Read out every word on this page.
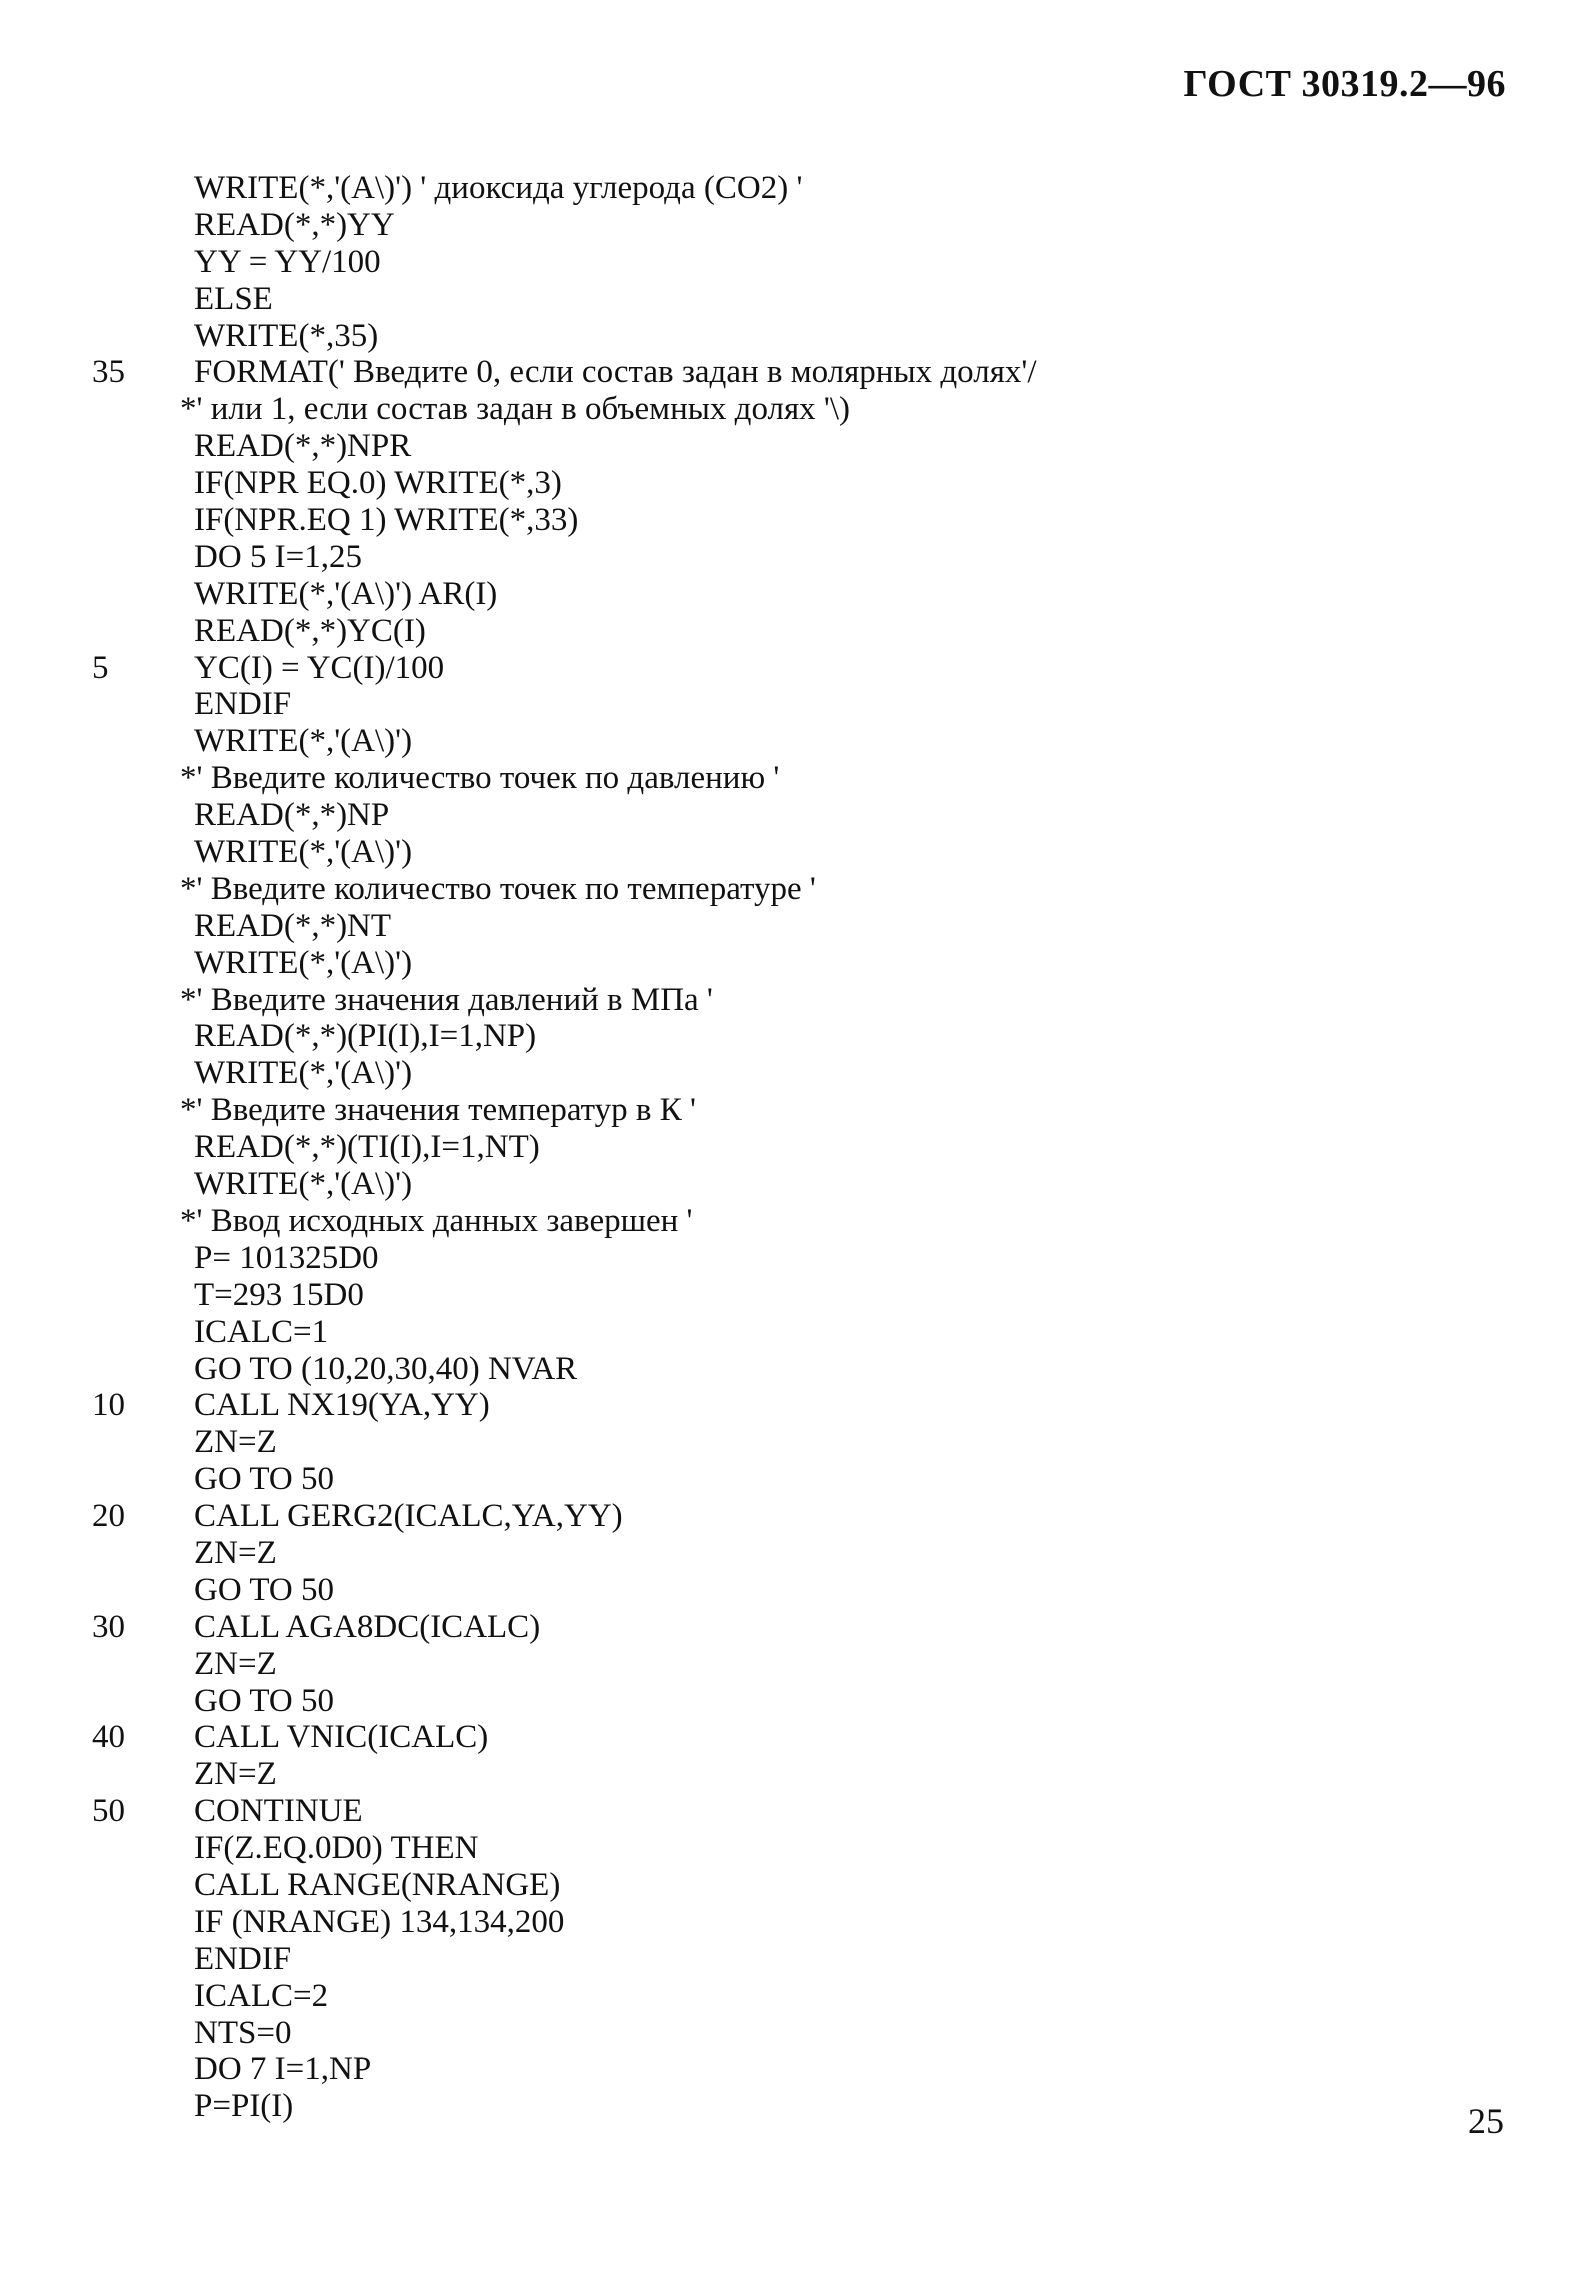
ГОСТ 30319.2—96
WRITE(*,'(A\)') ' диоксида углерода (СО2) '
READ(*,*)YY
YY = YY/100
ELSE
WRITE(*,35)
35	FORMAT(' Введите 0, если состав задан в молярных долях'/
*' или 1, если состав задан в объемных долях '\)
READ(*,*)NPR
IF(NPR EQ.0) WRITE(*,3)
IF(NPR.EQ 1) WRITE(*,33)
DO 5 I=1,25
WRITE(*,'(A\)') AR(I)
READ(*,*)YC(I)
5	YC(I) = YC(I)/100
ENDIF
WRITE(*,'(A\)')
*' Введите количество точек по давлению '
READ(*,*)NP
WRITE(*,'(A\)')
*' Введите количество точек по температуре '
READ(*,*)NT
WRITE(*,'(A\)')
*' Введите значения давлений в МПа '
READ(*,*)(PI(I),I=1,NP)
WRITE(*,'(A\)')
*' Введите значения температур в К '
READ(*,*)(TI(I),I=1,NT)
WRITE(*,'(A\)')
*' Ввод исходных данных завершен '
P= 101325D0
T=293 15D0
ICALC=1
GO TO (10,20,30,40) NVAR
10	CALL NX19(YA,YY)
ZN=Z
GO TO 50
20	CALL GERG2(ICALC,YA,YY)
ZN=Z
GO TO 50
30	CALL AGA8DC(ICALC)
ZN=Z
GO TO 50
40	CALL VNIC(ICALC)
ZN=Z
50	CONTINUE
IF(Z.EQ.0D0) THEN
CALL RANGE(NRANGE)
IF (NRANGE) 134,134,200
ENDIF
ICALC=2
NTS=0
DO 7 I=1,NP
P=PI(I)	25
